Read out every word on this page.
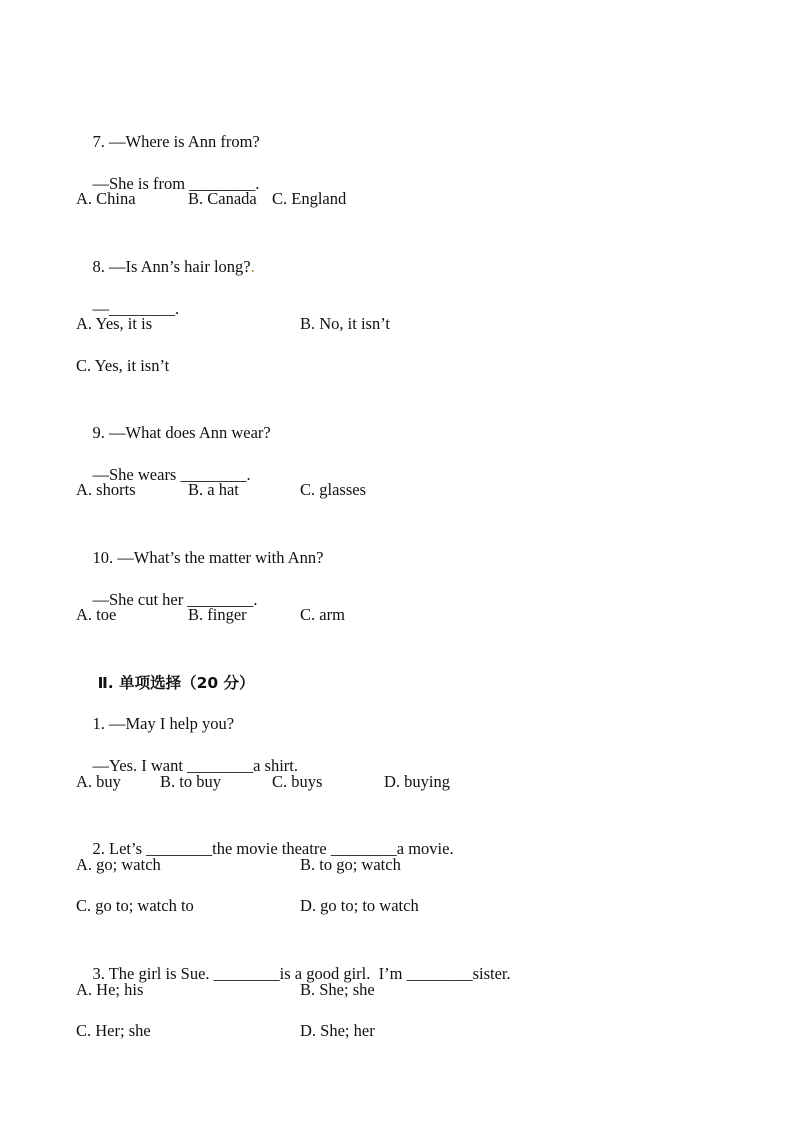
7. —Where is Ann from?

—She is from ________.

A. China

	B. Canada

C. England

8. —Is Ann’s hair long?.

—________.

A. Yes, it is

	B. No, it isn’t

C. Yes, it isn’t

9. —What does Ann wear?

—She wears ________.

A. shorts

	B. a hat

	C. glasses

10. —What’s the matter with Ann?

—She cut her ________.

A. toe

	B. finger

	C. arm

Ⅱ. 单项选择（20 分）

1. —May I help you?

—Yes. I want ________a shirt.

A. buy

B. to buy

	C. buys

	D. buying

2. Let’s ________the movie theatre ________a movie.

A. go; watch

	B. to go; watch

C. go to; watch to

	D. go to; to watch

3. The girl is Sue. ________is a good girl.  I’m ________sister.

A. He; his

	B. She; she

C. Her; she

	D. She; her
